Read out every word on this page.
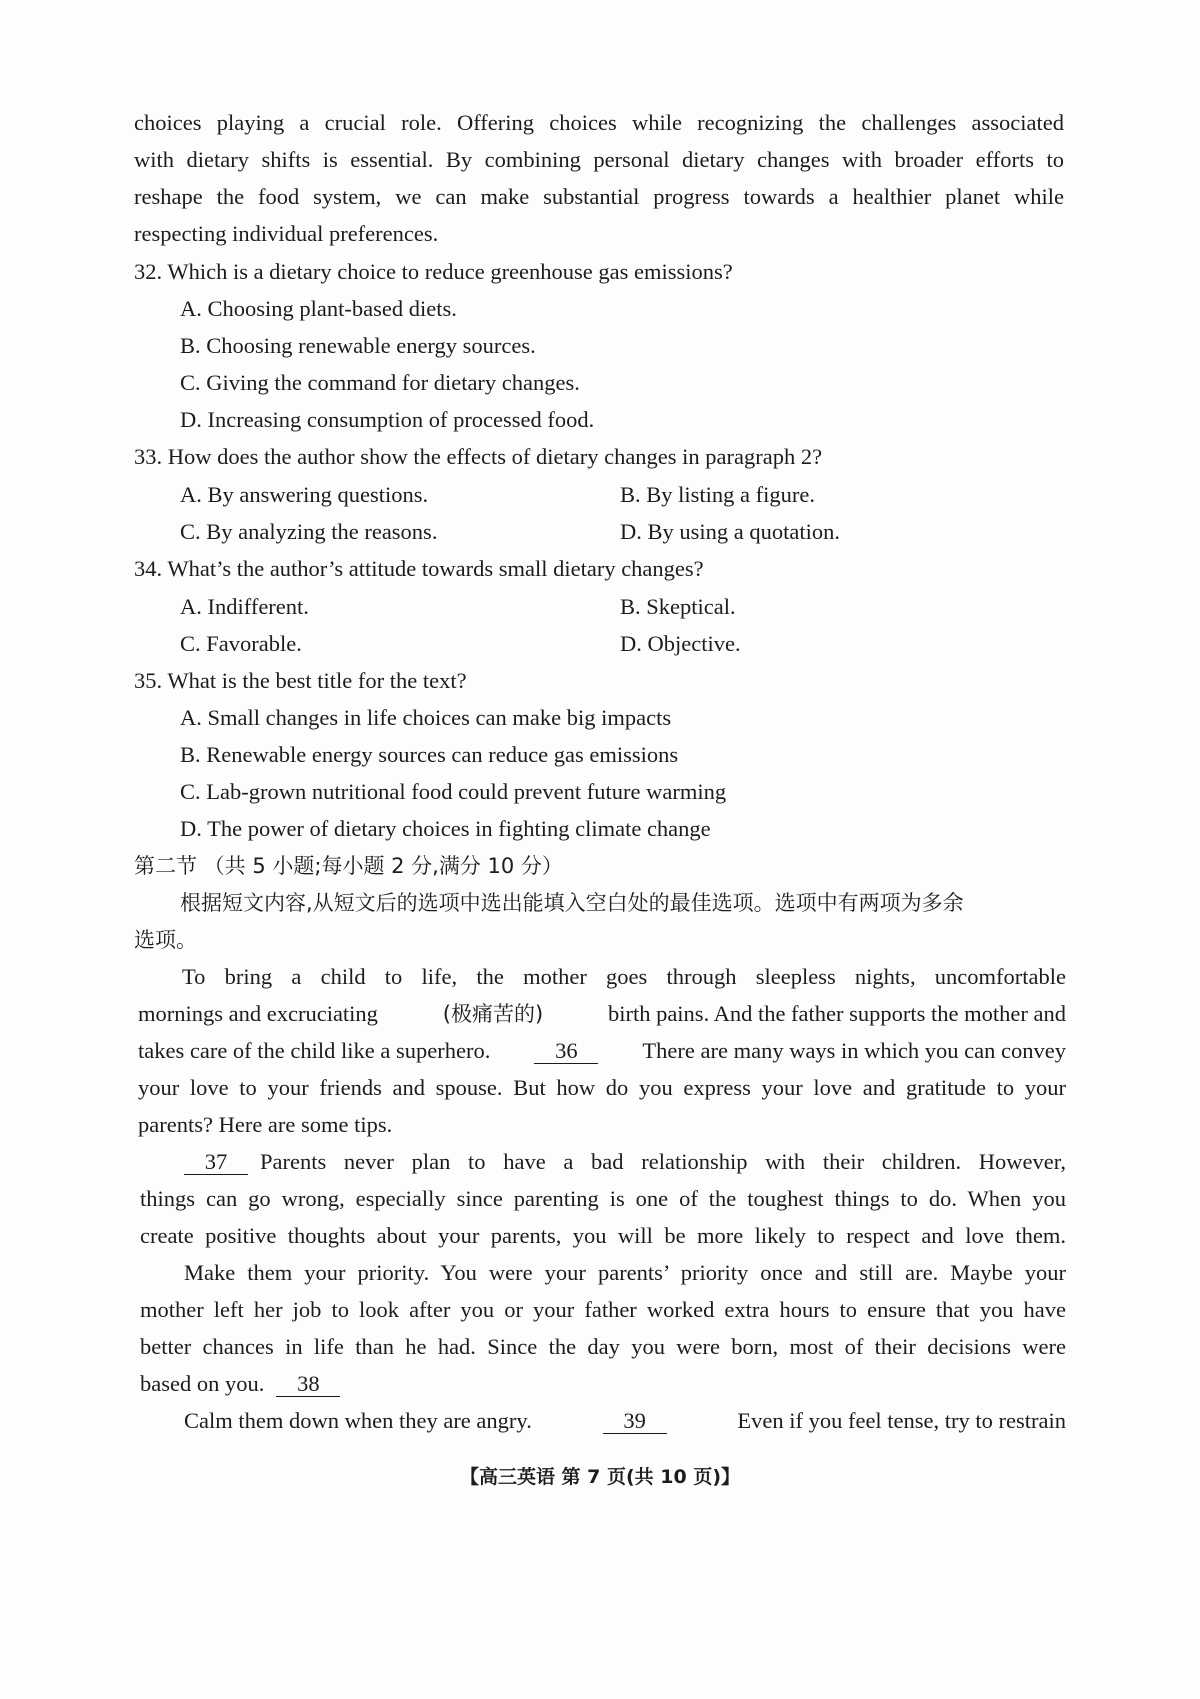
choices playing a crucial role. Offering choices while recognizing the challenges associated
with dietary shifts is essential. By combining personal dietary changes with broader efforts to
reshape the food system, we can make substantial progress towards a healthier planet while
respecting individual preferences.
32. Which is a dietary choice to reduce greenhouse gas emissions?
A. Choosing plant-based diets.
B. Choosing renewable energy sources.
C. Giving the command for dietary changes.
D. Increasing consumption of processed food.
33. How does the author show the effects of dietary changes in paragraph 2?
A. By answering questions.	B. By listing a figure.
C. By analyzing the reasons.	D. By using a quotation.
34. What’s the author’s attitude towards small dietary changes?
A. Indifferent.	B. Skeptical.
C. Favorable.	D. Objective.
35. What is the best title for the text?
A. Small changes in life choices can make big impacts
B. Renewable energy sources can reduce gas emissions
C. Lab-grown nutritional food could prevent future warming
D. The power of dietary choices in fighting climate change
第二节 （共 5 小题;每小题 2 分,满分 10 分）
根据短文内容,从短文后的选项中选出能填入空白处的最佳选项。选项中有两项为多余
选项。
To bring a child to life, the mother goes through sleepless nights, uncomfortable
mornings and excruciating	(极痛苦的)	birth pains. And the father supports the mother and
takes care of the child like a superhero.	36	There are many ways in which you can convey
your love to your friends and spouse. But how do you express your love and gratitude to your
parents? Here are some tips.
37	Parents never plan to have a bad relationship with their children. However,
things can go wrong, especially since parenting is one of the toughest things to do. When you
create positive thoughts about your parents, you will be more likely to respect and love them.
Make them your priority. You were your parents’ priority once and still are. Maybe your
mother left her job to look after you or your father worked extra hours to ensure that you have
better chances in life than he had. Since the day you were born, most of their decisions were
based on you.	38
Calm them down when they are angry.	39	Even if you feel tense, try to restrain
【高三英语 第 7 页(共 10 页)】
